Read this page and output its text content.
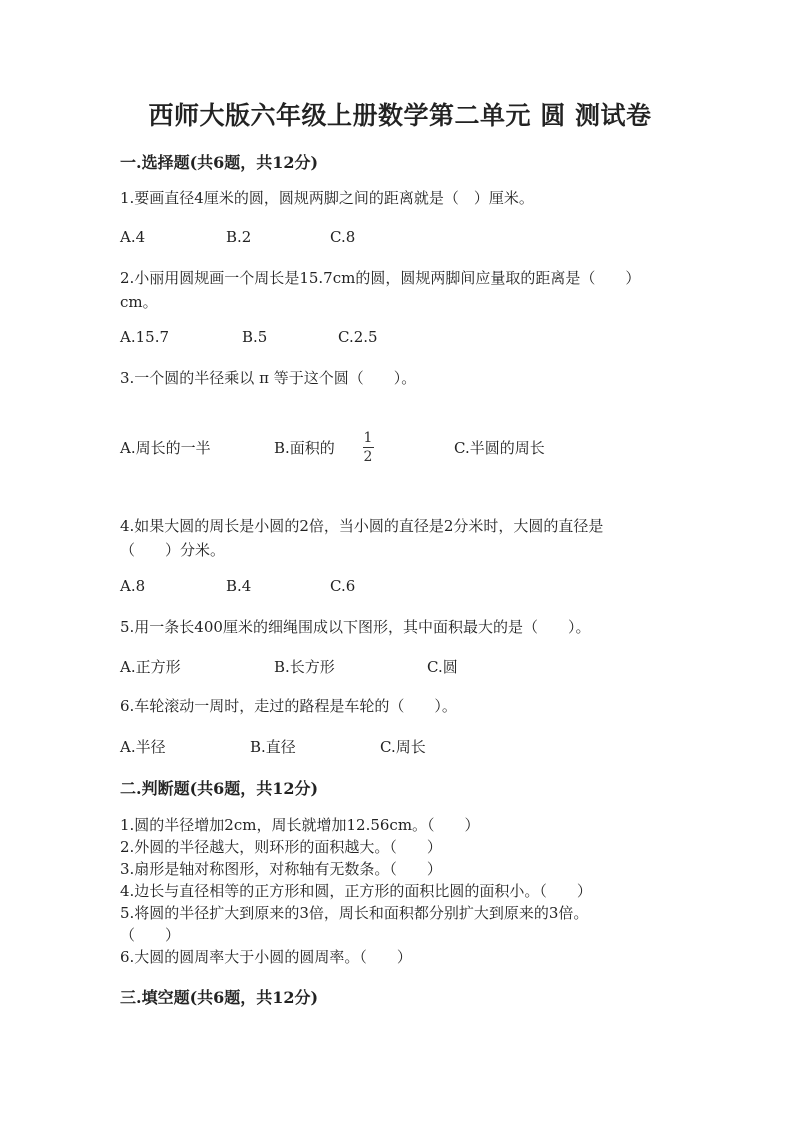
西师大版六年级上册数学第二单元 圆 测试卷
一.选择题(共6题，共12分)
1.要画直径4厘米的圆，圆规两脚之间的距离就是（　）厘米。
A.4	B.2	C.8
2.小丽用圆规画一个周长是15.7cm的圆，圆规两脚间应量取的距离是（　　）
cm。
A.15.7	B.5	C.2.5
3.一个圆的半径乘以 π 等于这个圆（　　）。
A.周长的一半	B.面积的
1
2	C.半圆的周长
4.如果大圆的周长是小圆的2倍，当小圆的直径是2分米时，大圆的直径是
（　　）分米。
A.8	B.4	C.6
5.用一条长400厘米的细绳围成以下图形，其中面积最大的是（　　）。
A.正方形	B.长方形	C.圆
6.车轮滚动一周时，走过的路程是车轮的（　　）。
A.半径	B.直径	C.周长
二.判断题(共6题，共12分)
1.圆的半径增加2cm，周长就增加12.56cm。（　　）
2.外圆的半径越大，则环形的面积越大。（　　）
3.扇形是轴对称图形，对称轴有无数条。（　　）
4.边长与直径相等的正方形和圆，正方形的面积比圆的面积小。（　　）
5.将圆的半径扩大到原来的3倍，周长和面积都分别扩大到原来的3倍。
（　　）
6.大圆的圆周率大于小圆的圆周率。（　　）
三.填空题(共6题，共12分)
